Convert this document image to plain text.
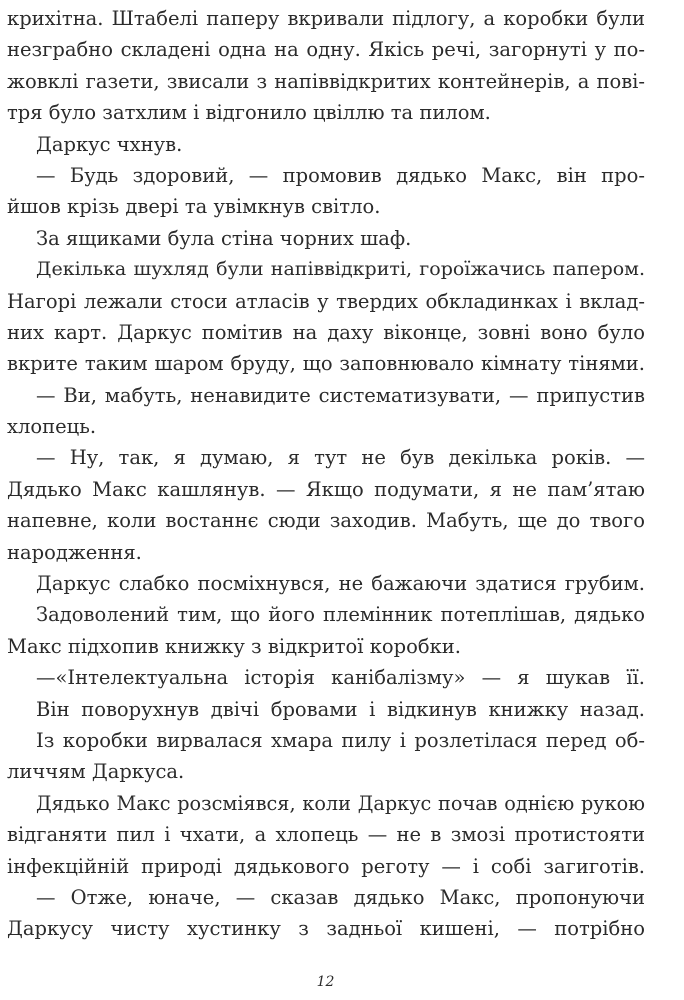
крихітна. Штабелі паперу вкривали підлогу, а коробки були
незграбно складені одна на одну. Якісь речі, загорнуті у по-
жовклі газети, звисали з напіввідкритих контейнерів, а пові-
тря було затхлим і відгонило цвіллю та пилом.
Даркус чхнув.
— Будь здоровий, — промовив дядько Макс, він про-
йшов крізь двері та увімкнув світло.
За ящиками була стіна чорних шаф.
Декілька шухляд були напіввідкриті, гороїжачись папером.
Нагорі лежали стоси атласів у твердих обкладинках і вклад-
них карт. Даркус помітив на даху віконце, зовні воно було
вкрите таким шаром бруду, що заповнювало кімнату тінями.
— Ви, мабуть, ненавидите систематизувати, — припустив
хлопець.
— Ну, так, я думаю, я тут не був декілька років. —
Дядько Макс кашлянув. — Якщо подумати, я не пам’ятаю
напевне, коли востаннє сюди заходив. Мабуть, ще до твого
народження.
Даркус слабко посміхнувся, не бажаючи здатися грубим.
Задоволений тим, що його племінник потеплішав, дядько
Макс підхопив книжку з відкритої коробки.
—«Інтелектуальна історія канібалізму» — я шукав її.
Він поворухнув двічі бровами і відкинув книжку назад.
Із коробки вирвалася хмара пилу і розлетілася перед об-
личчям Даркуса.
Дядько Макс розсміявся, коли Даркус почав однією рукою
відганяти пил і чхати, а хлопець — не в змозі протистояти
інфекційній природі дядькового реготу — і собі загиготів.
— Отже, юначе, — сказав дядько Макс, пропонуючи
Даркусу чисту хустинку з задньої кишені, — потрібно
12
